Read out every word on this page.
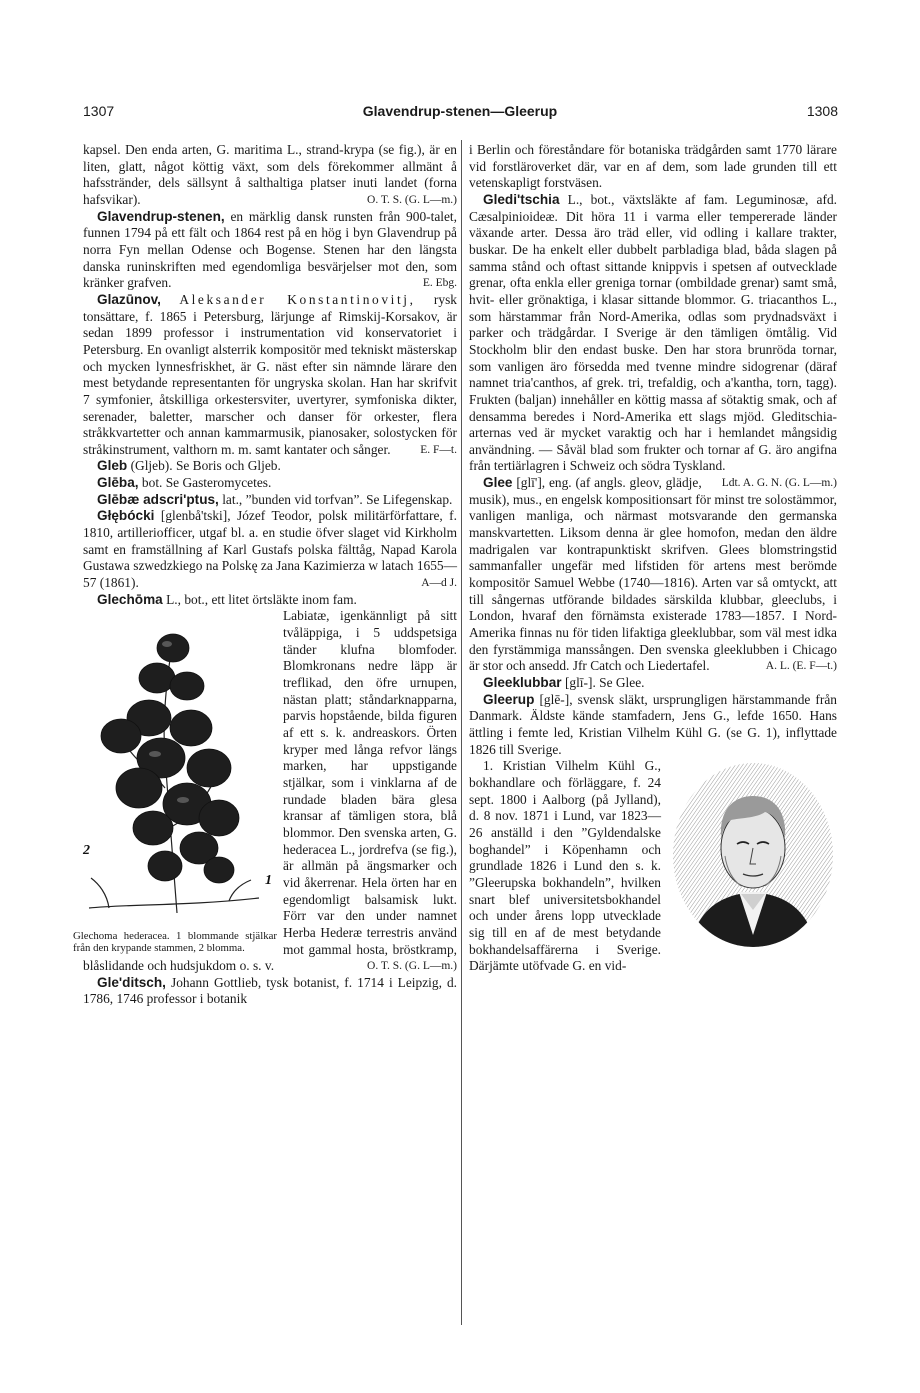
1307	Glavendrup-stenen—Gleerup	1308

kapsel. Den enda arten, G. maritima L., strand-krypa (se fig.), är en liten, glatt, något köttig växt, som dels förekommer allmänt å hafsstränder, dels sällsynt å salthaltiga platser inuti landet (forna hafsvikar).	O. T. S. (G. L—m.)

Glavendrup-stenen, en märklig dansk runsten från 900-talet, funnen 1794 på ett fält och 1864 rest på en hög i byn Glavendrup på norra Fyn mellan Odense och Bogense. Stenen har den längsta danska runinskriften med egendomliga besvärjelser mot den, som kränker grafven.	E. Ebg.

Glazūnov, Aleksander Konstantinovitj, rysk tonsättare, f. 1865 i Petersburg, lärjunge af Rimskij-Korsakov, är sedan 1899 professor i instrumentation vid konservatoriet i Petersburg. En ovanligt alsterrik kompositör med tekniskt mästerskap och mycken lynnesfriskhet, är G. näst efter sin nämnde lärare den mest betydande representanten för ungryska skolan. Han har skrifvit 7 symfonier, åtskilliga orkestersviter, uvertyrer, symfoniska dikter, serenader, baletter, marscher och danser för orkester, flera stråkkvartetter och annan kammarmusik, pianosaker, solostycken för stråkinstrument, valthorn m. m. samt kantater och sånger.	E. F—t.

Gleb (Gljeb). Se Boris och Gljeb.

Glēba, bot. Se Gasteromycetes.

Glēbæ adscri'ptus, lat., ”bunden vid torfvan”. Se Lifegenskap.

Głębócki [glenbå'tski], Józef Teodor, polsk militärförfattare, f. 1810, artilleriofficer, utgaf bl. a. en studie öfver slaget vid Kirkholm samt en framställning af Karl Gustafs polska fälttåg, Napad Karola Gustawa szwedzkiego na Polskę za Jana Kazimierza w latach 1655—57 (1861).	A—d J.

Glechōma L., bot., ett litet örtsläkte inom fam.

2
1
Glechoma hederacea. 1 blommande stjälkar från den krypande stammen, 2 blomma.

Labiatæ, igenkännligt på sitt tvåläppiga, i 5 uddspetsiga tänder klufna blomfoder. Blomkronans nedre läpp är treflikad, den öfre urnupen, nästan platt; ståndarknapparna, parvis hopstående, bilda figuren af ett s. k. andreaskors. Örten kryper med långa refvor längs marken, har uppstigande stjälkar, som i vinklarna af de rundade bladen bära glesa kransar af tämligen stora, blå blommor. Den svenska arten, G. hederacea L., jordrefva (se fig.), är allmän på ängsmarker och vid åkerrenar. Hela örten har en egendomligt balsamisk lukt. Förr var den under namnet Herba Hederæ terrestris använd mot gammal hosta, bröstkramp, blåslidande och hudsjukdom o. s. v.	O. T. S. (G. L—m.)

Gle'ditsch, Johann Gottlieb, tysk botanist, f. 1714 i Leipzig, d. 1786, 1746 professor i botanik

i Berlin och föreståndare för botaniska trädgården samt 1770 lärare vid forstläroverket där, var en af dem, som lade grunden till ett vetenskapligt forstväsen.

Gledi'tschia L., bot., växtsläkte af fam. Leguminosæ, afd. Cæsalpinioideæ. Dit höra 11 i varma eller tempererade länder växande arter. Dessa äro träd eller, vid odling i kallare trakter, buskar. De ha enkelt eller dubbelt parbladiga blad, båda slagen på samma stånd och oftast sittande knippvis i spetsen af outvecklade grenar, ofta enkla eller greniga tornar (ombildade grenar) samt små, hvit- eller grönaktiga, i klasar sittande blommor. G. triacanthos L., som härstammar från Nord-Amerika, odlas som prydnadsväxt i parker och trädgårdar. I Sverige är den tämligen ömtålig. Vid Stockholm blir den endast buske. Den har stora brunröda tornar, som vanligen äro försedda med tvenne mindre sidogrenar (däraf namnet tria'canthos, af grek. tri, trefaldig, och a'kantha, torn, tagg). Frukten (baljan) innehåller en köttig massa af sötaktig smak, och af densamma beredes i Nord-Amerika ett slags mjöd. Gleditschia-arternas ved är mycket varaktig och har i hemlandet mångsidig användning. — Såväl blad som frukter och tornar af G. äro angifna från tertiärlagren i Schweiz och södra Tyskland.
Ldt. A. G. N. (G. L—m.)

Glee [glī'], eng. (af angls. gleov, glädje, musik), mus., en engelsk kompositionsart för minst tre solostämmor, vanligen manliga, och närmast motsvarande den germanska manskvartetten. Liksom denna är glee homofon, medan den äldre madrigalen var kontrapunktiskt skrifven. Glees blomstringstid sammanfaller ungefär med lifstiden för artens mest berömde kompositör Samuel Webbe (1740—1816). Arten var så omtyckt, att till sångernas utförande bildades särskilda klubbar, gleeclubs, i London, hvaraf den förnämsta existerade 1783—1857. I Nord-Amerika finnas nu för tiden lifaktiga gleeklubbar, som väl mest idka den fyrstämmiga manssången. Den svenska gleeklubben i Chicago är stor och ansedd. Jfr Catch och Liedertafel.	A. L. (E. F—t.)

Gleeklubbar [glī-]. Se Glee.

Gleerup [glē-], svensk släkt, ursprungligen härstammande från Danmark. Äldste kände stamfadern, Jens G., lefde 1650. Hans ättling i femte led, Kristian Vilhelm Kühl G. (se G. 1), inflyttade 1826 till Sverige.

1. Kristian Vilhelm Kühl G., bokhandlare och förläggare, f. 24 sept. 1800 i Aalborg (på Jylland), d. 8 nov. 1871 i Lund, var 1823—26 anställd i den ”Gyldendalske boghandel” i Köpenhamn och grundlade 1826 i Lund den s. k. ”Gleerupska bokhandeln”, hvilken snart blef universitetsbokhandel och under årens lopp utvecklade sig till en af de mest betydande bokhandelsaffärerna i Sverige. Därjämte utöfvade G. en vid-
